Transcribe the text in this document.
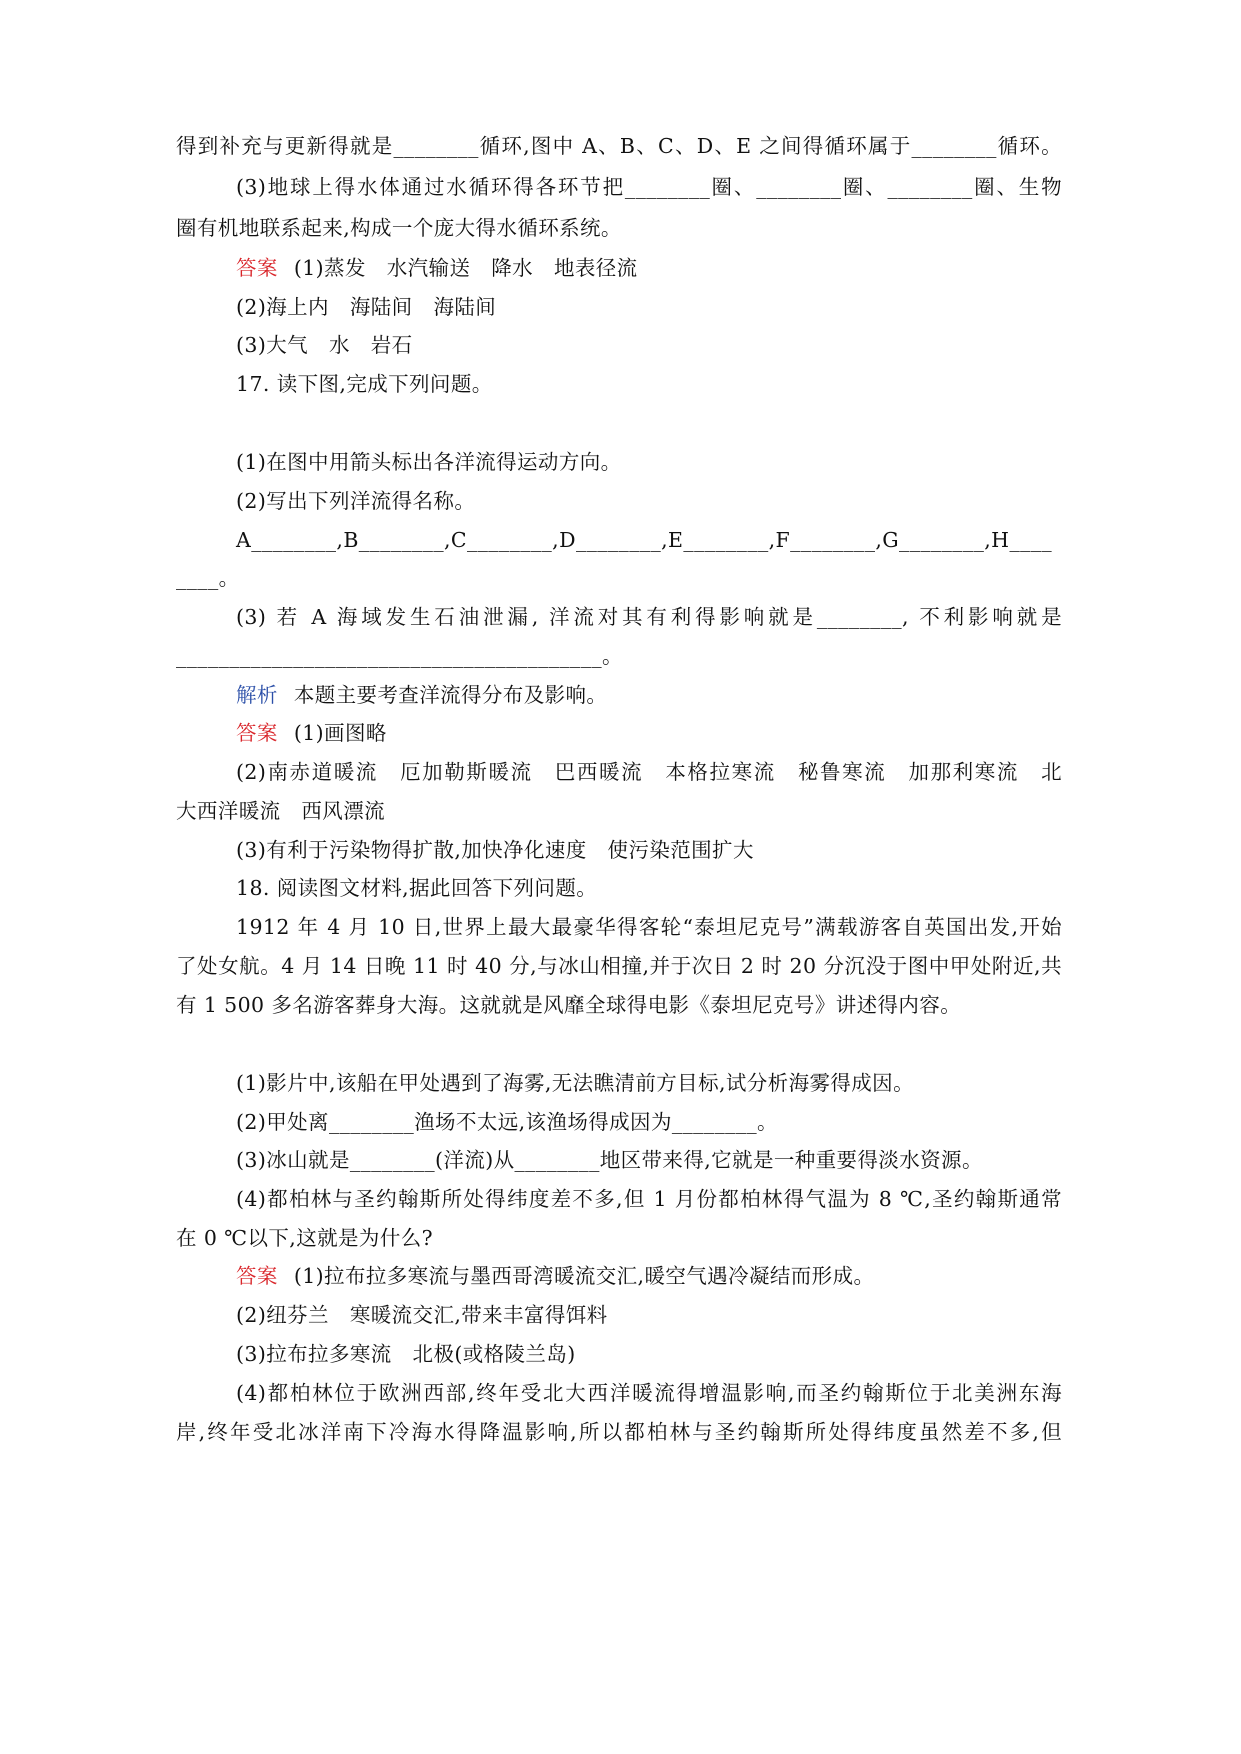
得到补充与更新得就是________循环,图中 A、B、C、D、E 之间得循环属于________循环。
(3)地球上得水体通过水循环得各环节把________圈、________圈、________圈、生物
圈有机地联系起来,构成一个庞大得水循环系统。
答案 (1)蒸发　水汽输送　降水　地表径流
(2)海上内　海陆间　海陆间
(3)大气　水　岩石
17. 读下图,完成下列问题。
(1)在图中用箭头标出各洋流得运动方向。
(2)写出下列洋流得名称。
A________,B________,C________,D________,E________,F________,G________,H____
____。
(3) 若 A 海域发生石油泄漏, 洋流对其有利得影响就是________, 不利影响就是
________________________________________。
解析 本题主要考查洋流得分布及影响。
答案 (1)画图略
(2)南赤道暖流　厄加勒斯暖流　巴西暖流　本格拉寒流　秘鲁寒流　加那利寒流　北
大西洋暖流　西风漂流
(3)有利于污染物得扩散,加快净化速度　使污染范围扩大
18. 阅读图文材料,据此回答下列问题。
1912 年 4 月 10 日,世界上最大最豪华得客轮“泰坦尼克号”满载游客自英国出发,开始
了处女航。4 月 14 日晚 11 时 40 分,与冰山相撞,并于次日 2 时 20 分沉没于图中甲处附近,共
有 1 500 多名游客葬身大海。这就就是风靡全球得电影《泰坦尼克号》讲述得内容。
(1)影片中,该船在甲处遇到了海雾,无法瞧清前方目标,试分析海雾得成因。
(2)甲处离________渔场不太远,该渔场得成因为________。
(3)冰山就是________(洋流)从________地区带来得,它就是一种重要得淡水资源。
(4)都柏林与圣约翰斯所处得纬度差不多,但 1 月份都柏林得气温为 8 ℃,圣约翰斯通常
在 0 ℃以下,这就是为什么?
答案 (1)拉布拉多寒流与墨西哥湾暖流交汇,暖空气遇冷凝结而形成。
(2)纽芬兰　寒暖流交汇,带来丰富得饵料
(3)拉布拉多寒流　北极(或格陵兰岛)
(4)都柏林位于欧洲西部,终年受北大西洋暖流得增温影响,而圣约翰斯位于北美洲东海
岸,终年受北冰洋南下冷海水得降温影响,所以都柏林与圣约翰斯所处得纬度虽然差不多,但
